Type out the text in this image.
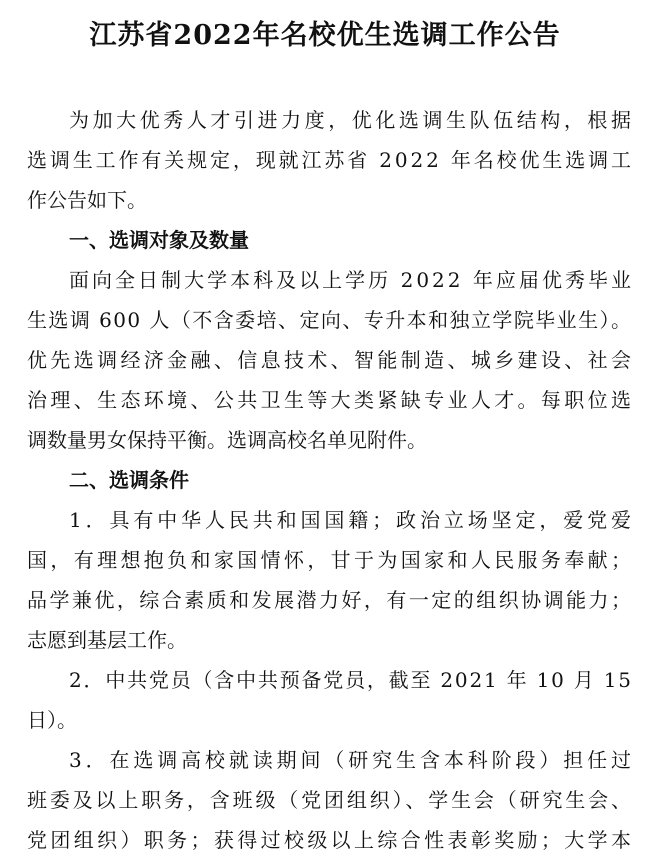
江苏省2022年名校优生选调工作公告

为加大优秀人才引进力度，优化选调生队伍结构，根据

选调生工作有关规定，现就江苏省 2022 年名校优生选调工

作公告如下。

一、选调对象及数量

面向全日制大学本科及以上学历 2022 年应届优秀毕业

生选调 600 人（不含委培、定向、专升本和独立学院毕业生）。

优先选调经济金融、信息技术、智能制造、城乡建设、社会

治理、生态环境、公共卫生等大类紧缺专业人才。每职位选

调数量男女保持平衡。选调高校名单见附件。

二、选调条件

1．具有中华人民共和国国籍；政治立场坚定，爱党爱

国，有理想抱负和家国情怀，甘于为国家和人民服务奉献；

品学兼优，综合素质和发展潜力好，有一定的组织协调能力；

志愿到基层工作。

2．中共党员（含中共预备党员，截至 2021 年 10 月 15

日）。

3．在选调高校就读期间（研究生含本科阶段）担任过

班委及以上职务，含班级（党团组织）、学生会（研究生会、

党团组织）职务；获得过校级以上综合性表彰奖励；大学本
